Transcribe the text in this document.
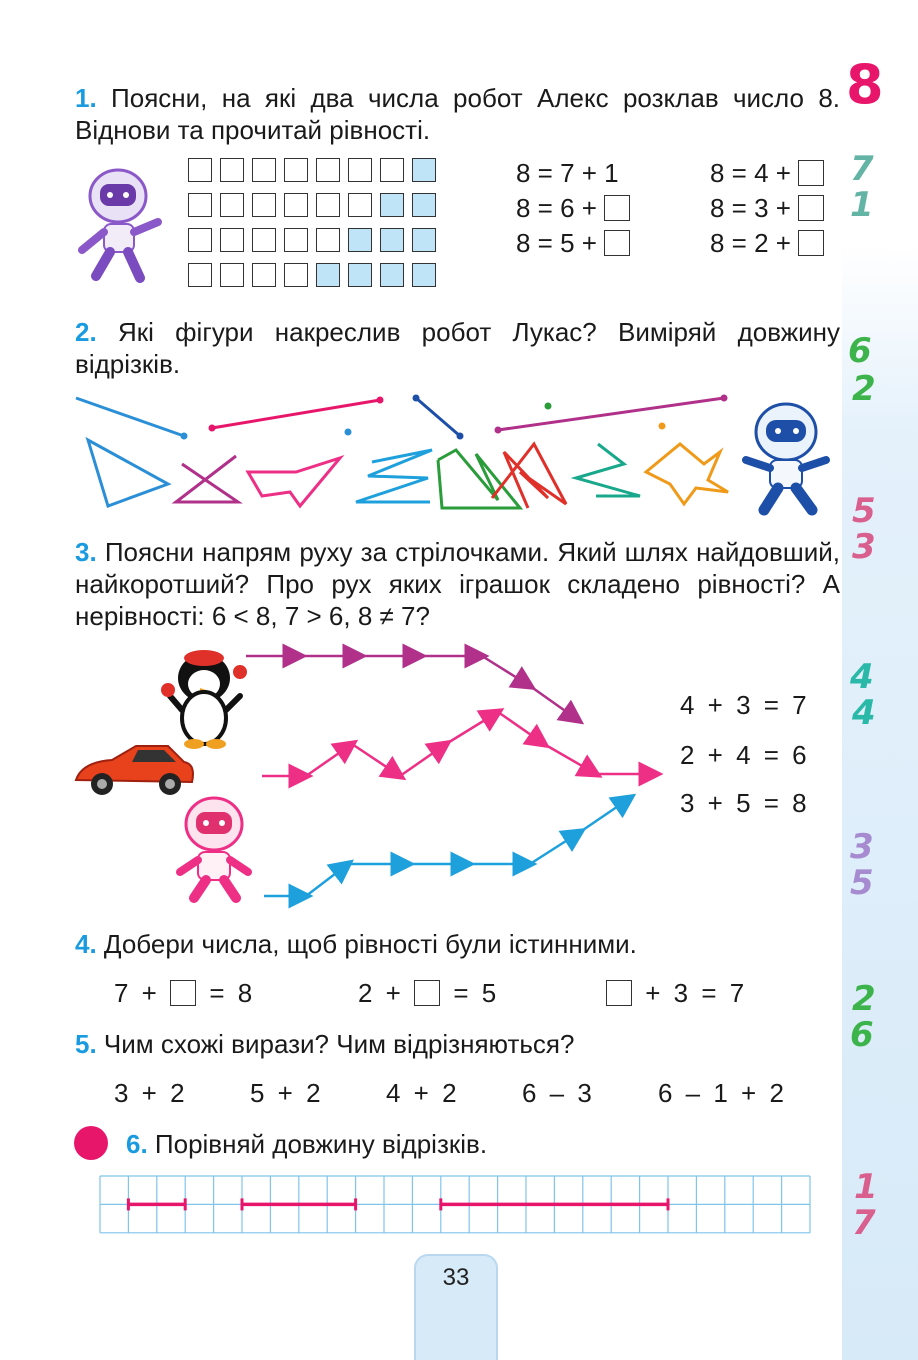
8
7
1
6
2
5
3
4
4
3
5
2
6
1
7
1. Поясни, на які два числа робот Алекс розклав число 8. Віднови та прочитай рівності.
8 = 7 + 1
8 = 6 +
8 = 5 +
8 = 4 +
8 = 3 +
8 = 2 +
2. Які фігури накреслив робот Лукас? Виміряй довжину відрізків.
3. Поясни напрям руху за стрілочками. Який шлях найдовший, найкоротший? Про рух яких іграшок складено рівності? А нерівності: 6 < 8, 7 > 6, 8 ≠ 7?
4 + 3 = 7
2 + 4 = 6
3 + 5 = 8
4. Добери числа, щоб рівності були істинними.
7 + = 8	2 + = 5	+ 3 = 7
5. Чим схожі вирази? Чим відрізняються?
3 + 2	5 + 2	4 + 2	6 – 3	6 – 1 + 2
6. Порівняй довжину відрізків.
33
